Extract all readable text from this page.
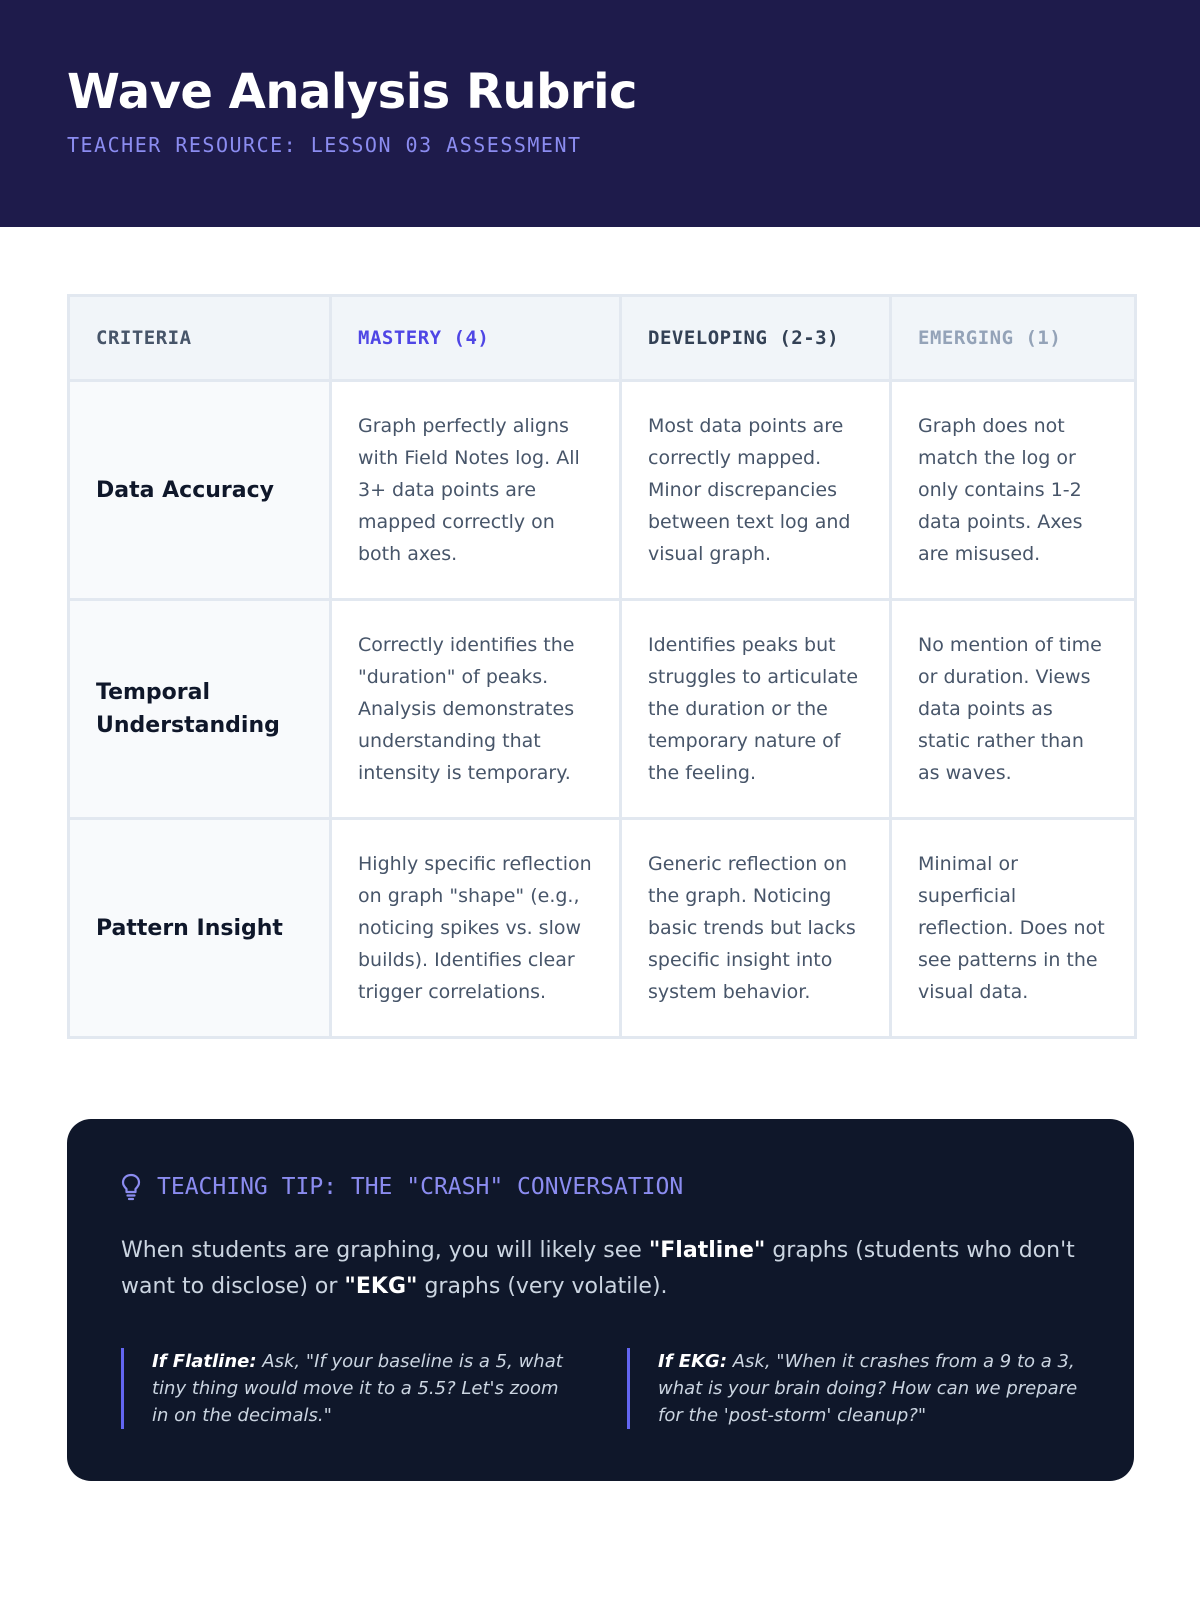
Wave Analysis Rubric
TEACHER RESOURCE: LESSON 03 ASSESSMENT
CRITERIA	MASTERY (4)	DEVELOPING (2-3)	EMERGING (1)
Data Accuracy	Graph perfectly aligns with Field Notes log. All 3+ data points are mapped correctly on both axes.	Most data points are correctly mapped. Minor discrepancies between text log and visual graph.	Graph does not match the log or only contains 1-2 data points. Axes are misused.
Temporal Understanding	Correctly identifies the "duration" of peaks. Analysis demonstrates understanding that intensity is temporary.	Identifies peaks but struggles to articulate the duration or the temporary nature of the feeling.	No mention of time or duration. Views data points as static rather than as waves.
Pattern Insight	Highly specific reflection on graph "shape" (e.g., noticing spikes vs. slow builds). Identifies clear trigger correlations.	Generic reflection on the graph. Noticing basic trends but lacks specific insight into system behavior.	Minimal or superficial reflection. Does not see patterns in the visual data.
TEACHING TIP: THE "CRASH" CONVERSATION

When students are graphing, you will likely see "Flatline" graphs (students who don't want to disclose) or "EKG" graphs (very volatile).

If Flatline: Ask, "If your baseline is a 5, what tiny thing would move it to a 5.5? Let's zoom in on the decimals."
If EKG: Ask, "When it crashes from a 9 to a 3, what is your brain doing? How can we prepare for the 'post-storm' cleanup?"
